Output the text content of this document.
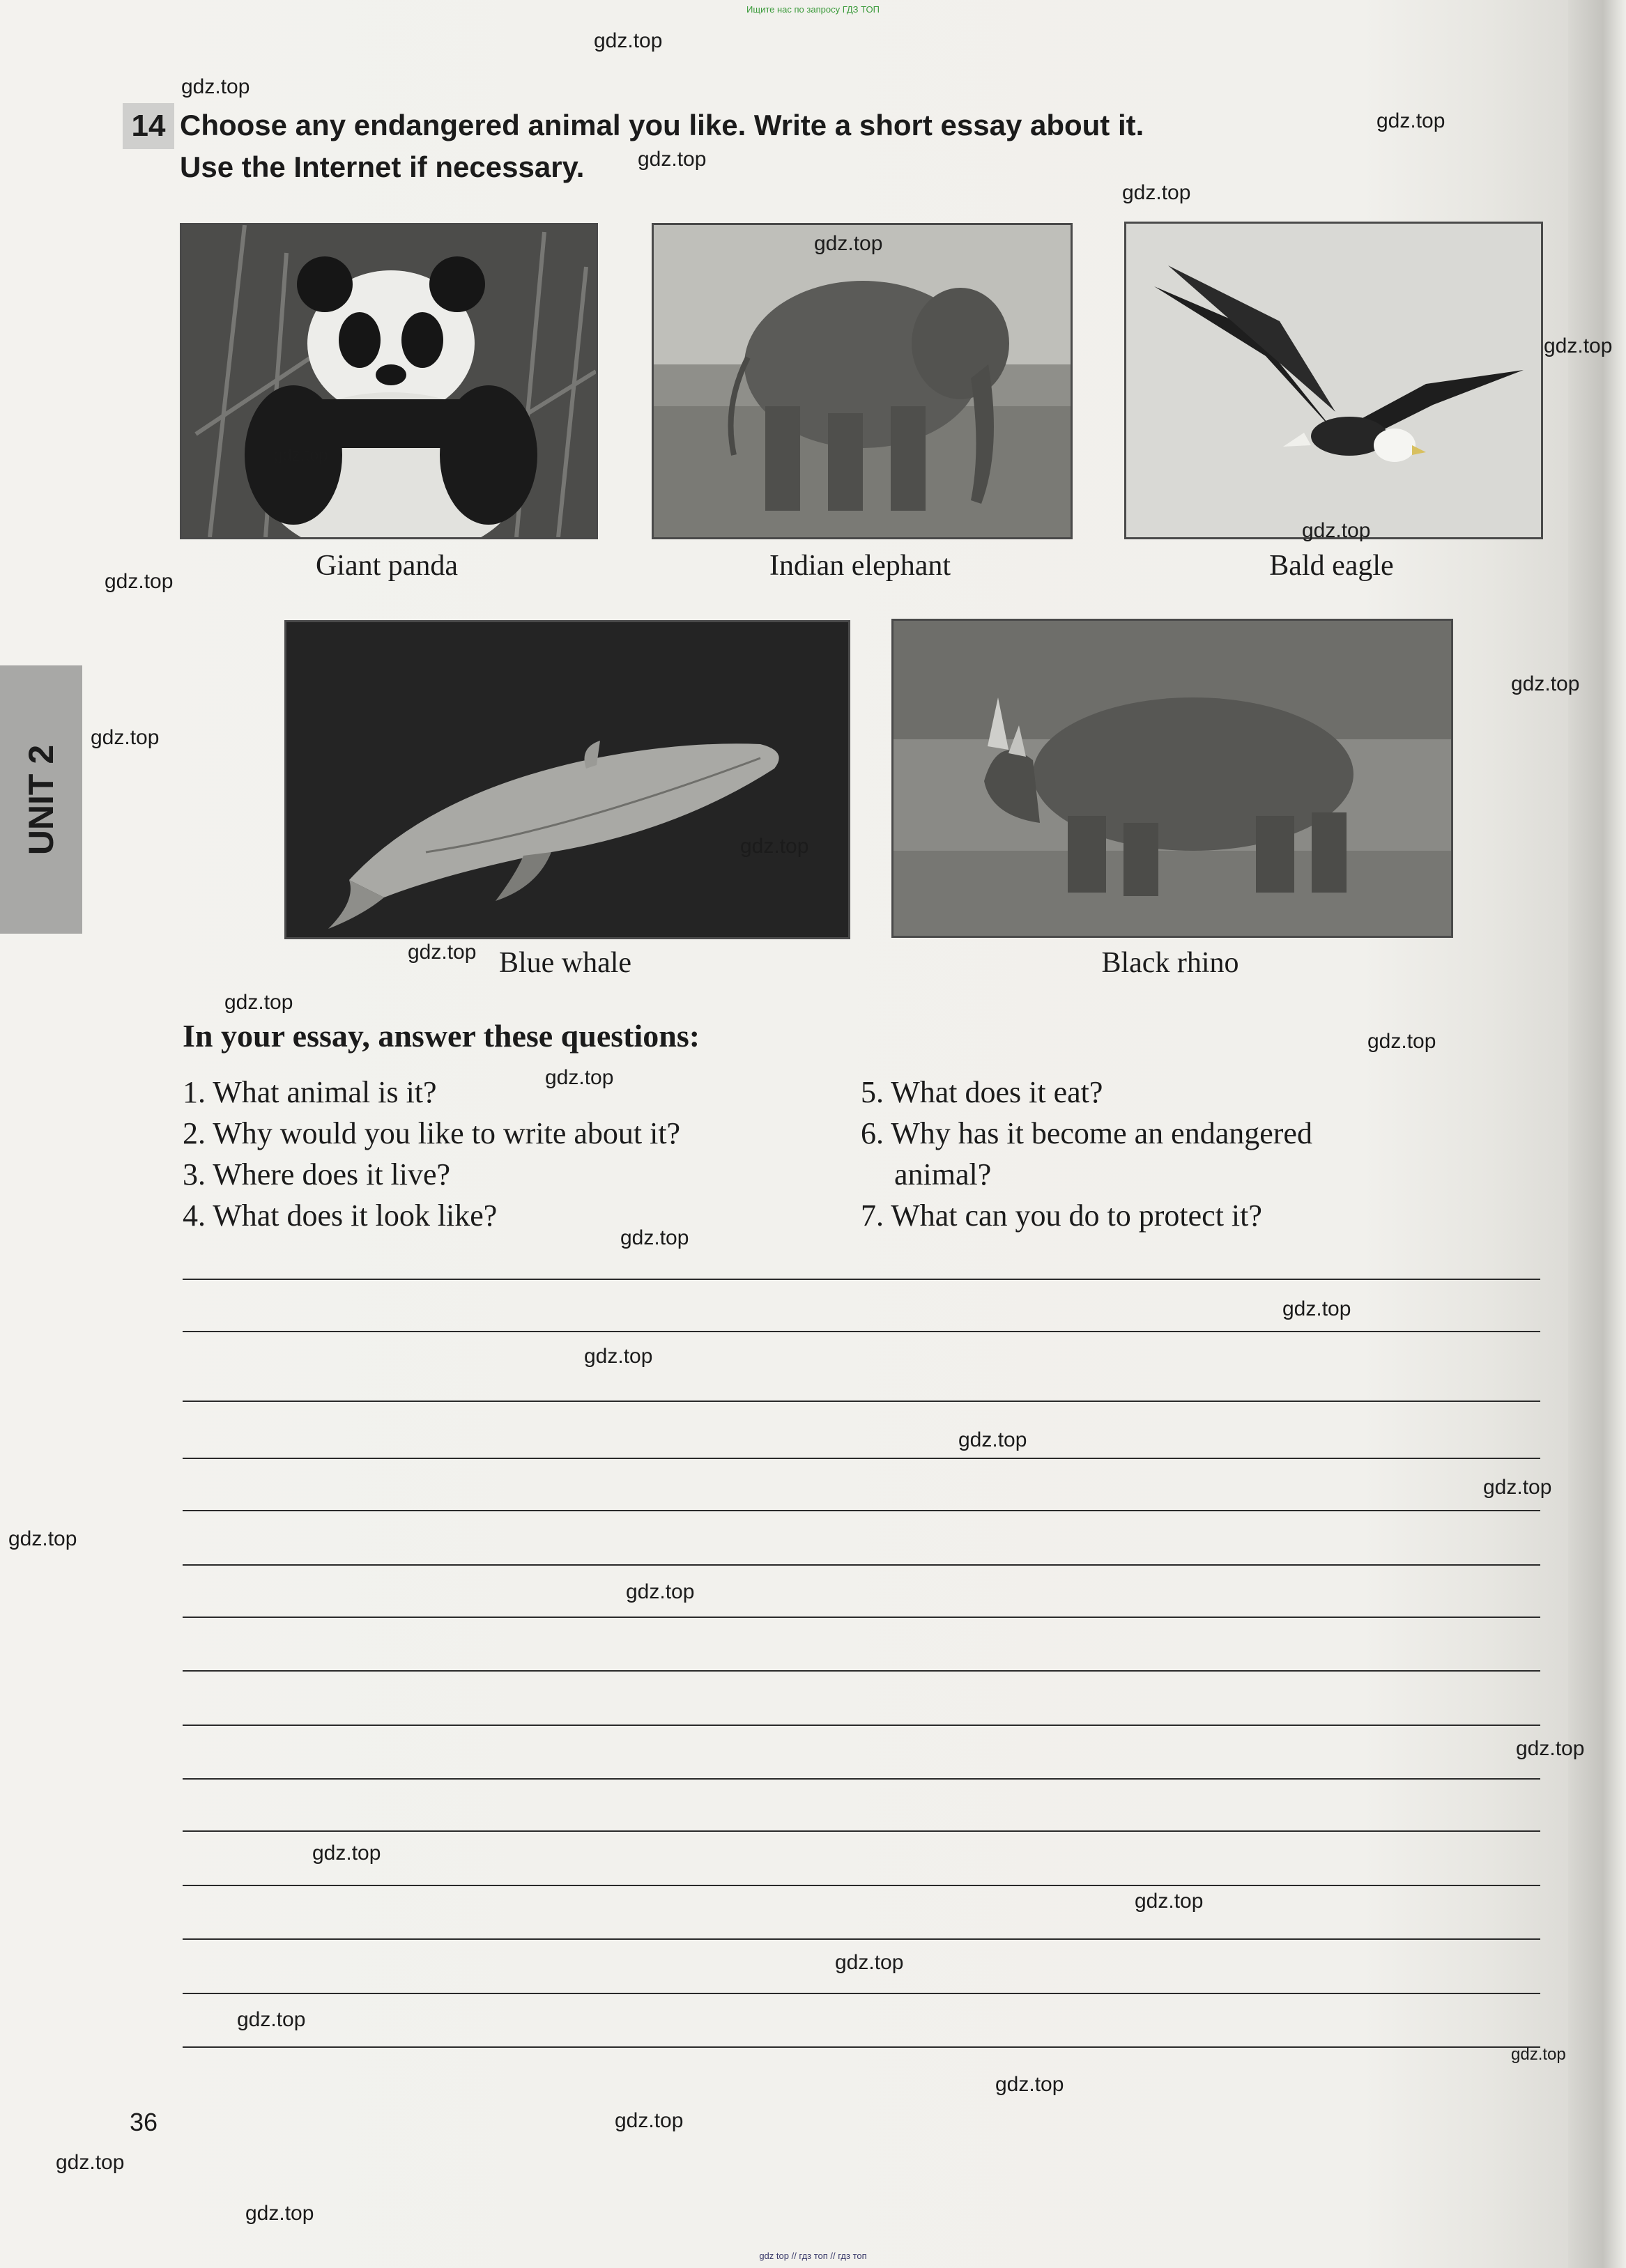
Ищите нас по запросу ГДЗ ТОП
14 Choose any endangered animal you like. Write a short essay about it.
Use the Internet if necessary.
Giant panda	Indian elephant	Bald eagle
Blue whale	Black rhino
UNIT 2
In your essay, answer these questions:
1. What animal is it?
2. Why would you like to write about it?
3. Where does it live?
4. What does it look like?
5. What does it eat?
6. Why has it become an endangered
animal?
7. What can you do to protect it?
36
gdz top // гдз топ // гдз топ
gdz.top
gdz.top
gdz.top
gdz.top
gdz.top
gdz.top
gdz.top
gdz.top
gdz.top
gdz.top
gdz.top
gdz.top
gdz.top
gdz.top
gdz.top
gdz.top
gdz.top
gdz.top
gdz.top
gdz.top
gdz.top
gdz.top
gdz.top
gdz.top
gdz.top
gdz.top
gdz.top
gdz.top
gdz.top
gdz.top
gdz.top
gdz.top
gdz.top
gdz.top
